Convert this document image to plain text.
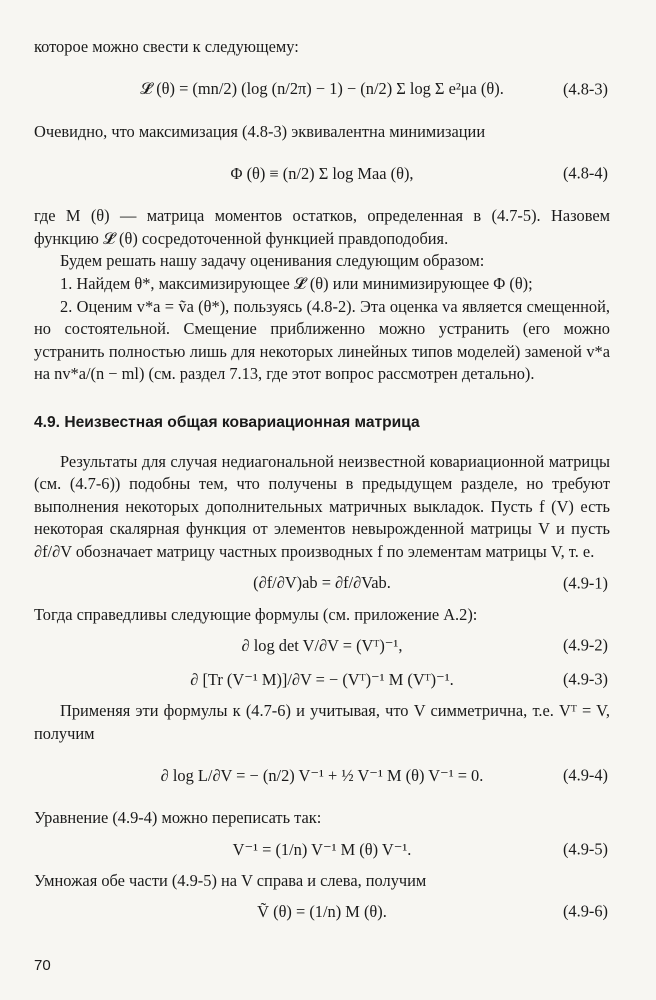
которое можно свести к следующему:

𝓛̃ (θ) = (mn/2) (log (n/2π) − 1) − (n/2) Σ log Σ e²μa (θ).	(4.8-3)

Очевидно, что максимизация (4.8-3) эквивалентна минимизации

Φ (θ) ≡ (n/2) Σ log Maa (θ),	(4.8-4)

где M (θ) — матрица моментов остатков, определенная в (4.7-5). Назовем функцию 𝓛̃ (θ) сосредоточенной функцией правдоподобия.

Будем решать нашу задачу оценивания следующим образом:

1. Найдем θ*, максимизирующее 𝓛̃ (θ) или минимизирующее Φ (θ);

2. Оценим v*a = ṽa (θ*), пользуясь (4.8-2). Эта оценка va является смещенной, но состоятельной. Смещение приближенно можно устранить (его можно устранить полностью лишь для некоторых линейных типов моделей) заменой v*a на nv*a/(n − ml) (см. раздел 7.13, где этот вопрос рассмотрен детально).

4.9. Неизвестная общая ковариационная матрица

Результаты для случая недиагональной неизвестной ковариационной матрицы (см. (4.7-6)) подобны тем, что получены в предыдущем разделе, но требуют выполнения некоторых дополнительных матричных выкладок. Пусть f (V) есть некоторая скалярная функция от элементов невырожденной матрицы V и пусть ∂f/∂V обозначает матрицу частных производных f по элементам матрицы V, т. е.

(∂f/∂V)ab = ∂f/∂Vab.	(4.9-1)

Тогда справедливы следующие формулы (см. приложение А.2):

∂ log det V/∂V = (Vᵀ)⁻¹,	(4.9-2)
∂ [Tr (V⁻¹ M)]/∂V = − (Vᵀ)⁻¹ M (Vᵀ)⁻¹.	(4.9-3)

Применяя эти формулы к (4.7-6) и учитывая, что V симметрична, т.е. Vᵀ = V, получим

∂ log L/∂V = − (n/2) V⁻¹ + ½ V⁻¹ M (θ) V⁻¹ = 0.	(4.9-4)

Уравнение (4.9-4) можно переписать так:

V⁻¹ = (1/n) V⁻¹ M (θ) V⁻¹.	(4.9-5)

Умножая обе части (4.9-5) на V справа и слева, получим

Ṽ (θ) = (1/n) M (θ).	(4.9-6)
70
